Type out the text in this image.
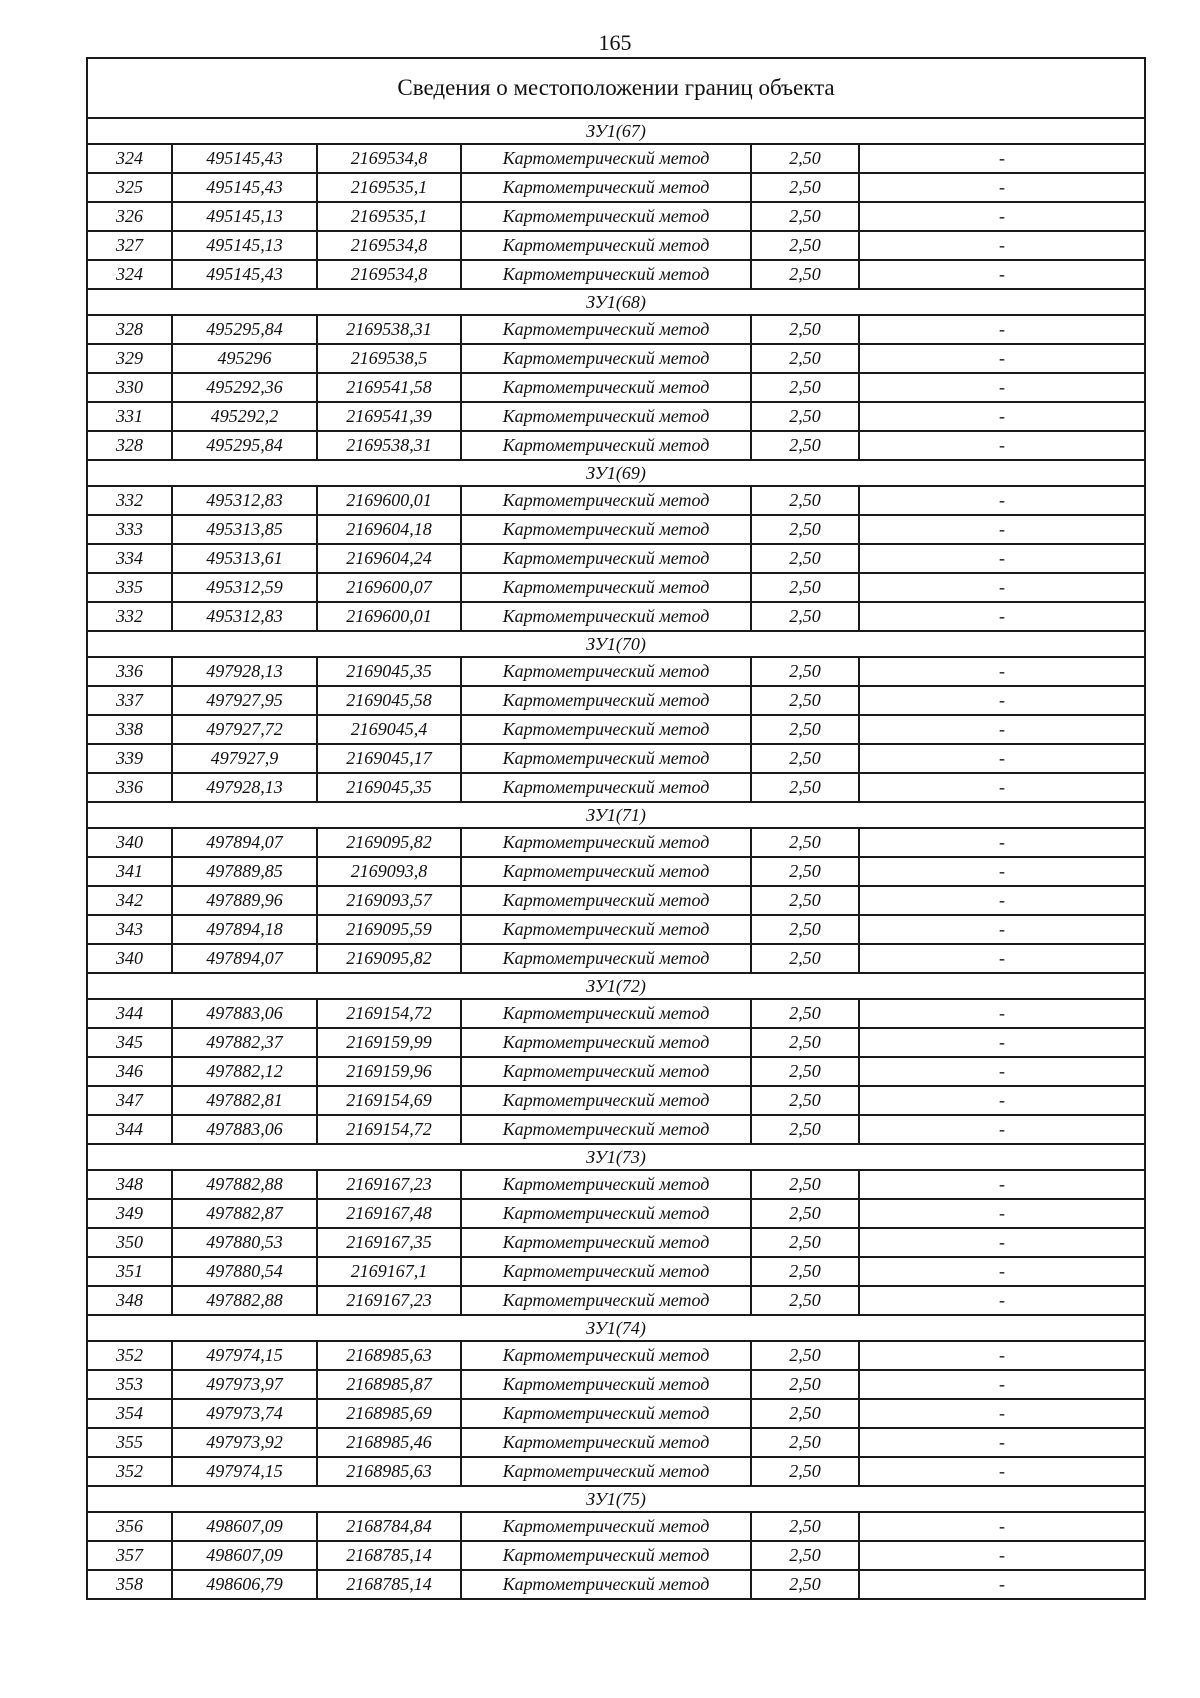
165
Сведения о местоположении границ объекта					
ЗУ1(67)					
324	495145,43	2169534,8	Картометрический метод	2,50	-
325	495145,43	2169535,1	Картометрический метод	2,50	-
326	495145,13	2169535,1	Картометрический метод	2,50	-
327	495145,13	2169534,8	Картометрический метод	2,50	-
324	495145,43	2169534,8	Картометрический метод	2,50	-
ЗУ1(68)					
328	495295,84	2169538,31	Картометрический метод	2,50	-
329	495296	2169538,5	Картометрический метод	2,50	-
330	495292,36	2169541,58	Картометрический метод	2,50	-
331	495292,2	2169541,39	Картометрический метод	2,50	-
328	495295,84	2169538,31	Картометрический метод	2,50	-
ЗУ1(69)					
332	495312,83	2169600,01	Картометрический метод	2,50	-
333	495313,85	2169604,18	Картометрический метод	2,50	-
334	495313,61	2169604,24	Картометрический метод	2,50	-
335	495312,59	2169600,07	Картометрический метод	2,50	-
332	495312,83	2169600,01	Картометрический метод	2,50	-
ЗУ1(70)					
336	497928,13	2169045,35	Картометрический метод	2,50	-
337	497927,95	2169045,58	Картометрический метод	2,50	-
338	497927,72	2169045,4	Картометрический метод	2,50	-
339	497927,9	2169045,17	Картометрический метод	2,50	-
336	497928,13	2169045,35	Картометрический метод	2,50	-
ЗУ1(71)					
340	497894,07	2169095,82	Картометрический метод	2,50	-
341	497889,85	2169093,8	Картометрический метод	2,50	-
342	497889,96	2169093,57	Картометрический метод	2,50	-
343	497894,18	2169095,59	Картометрический метод	2,50	-
340	497894,07	2169095,82	Картометрический метод	2,50	-
ЗУ1(72)					
344	497883,06	2169154,72	Картометрический метод	2,50	-
345	497882,37	2169159,99	Картометрический метод	2,50	-
346	497882,12	2169159,96	Картометрический метод	2,50	-
347	497882,81	2169154,69	Картометрический метод	2,50	-
344	497883,06	2169154,72	Картометрический метод	2,50	-
ЗУ1(73)					
348	497882,88	2169167,23	Картометрический метод	2,50	-
349	497882,87	2169167,48	Картометрический метод	2,50	-
350	497880,53	2169167,35	Картометрический метод	2,50	-
351	497880,54	2169167,1	Картометрический метод	2,50	-
348	497882,88	2169167,23	Картометрический метод	2,50	-
ЗУ1(74)					
352	497974,15	2168985,63	Картометрический метод	2,50	-
353	497973,97	2168985,87	Картометрический метод	2,50	-
354	497973,74	2168985,69	Картометрический метод	2,50	-
355	497973,92	2168985,46	Картометрический метод	2,50	-
352	497974,15	2168985,63	Картометрический метод	2,50	-
ЗУ1(75)					
356	498607,09	2168784,84	Картометрический метод	2,50	-
357	498607,09	2168785,14	Картометрический метод	2,50	-
358	498606,79	2168785,14	Картометрический метод	2,50	-
